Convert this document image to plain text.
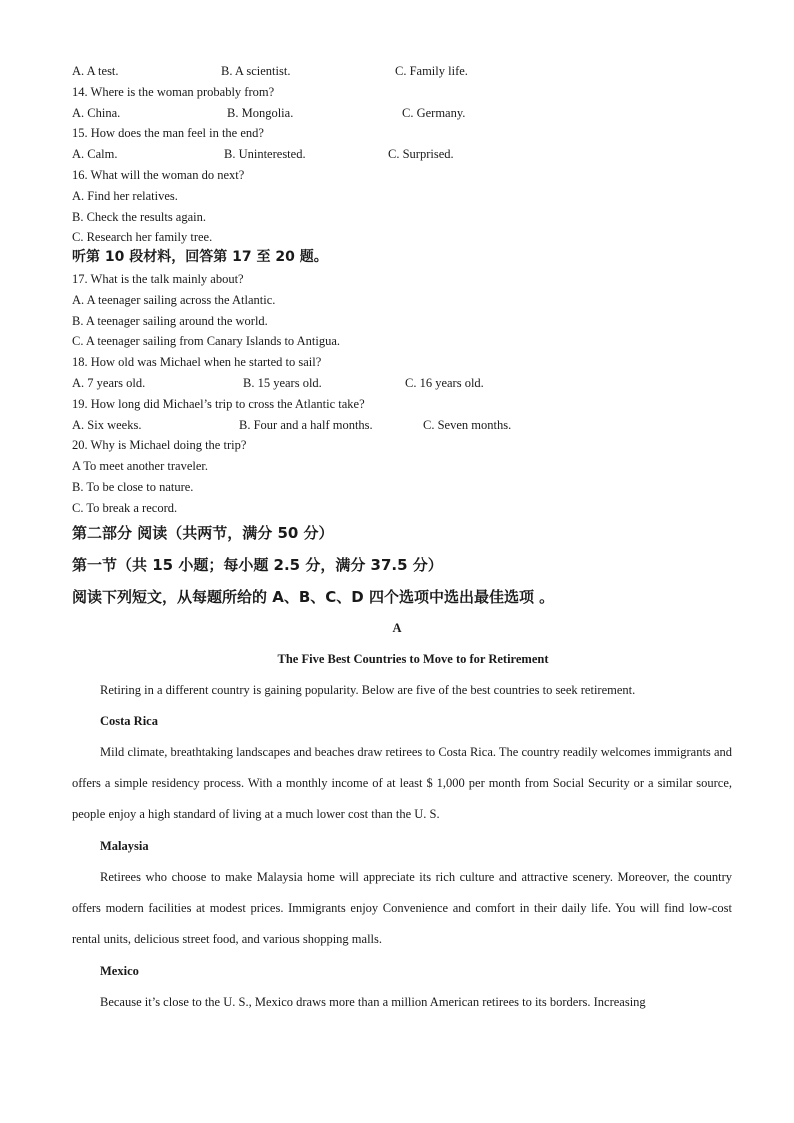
A. A test.	B. A scientist.	C. Family life.
14. Where is the woman probably from?
A. China.	B. Mongolia.	C. Germany.
15. How does the man feel in the end?
A. Calm.	B. Uninterested.	C. Surprised.
16. What will the woman do next?
A. Find her relatives.
B. Check the results again.
C. Research her family tree.
听第 10 段材料，回答第 17 至 20 题。
17. What is the talk mainly about?
A. A teenager sailing across the Atlantic.
B. A teenager sailing around the world.
C. A teenager sailing from Canary Islands to Antigua.
18. How old was Michael when he started to sail?
A. 7 years old.	B. 15 years old.	C. 16 years old.
19. How long did Michael’s trip to cross the Atlantic take?
A. Six weeks.	B. Four and a half months.	C. Seven months.
20. Why is Michael doing the trip?
A To meet another traveler.
B. To be close to nature.
C. To break a record.
第二部分 阅读（共两节，满分 50 分）
第一节（共 15 小题；每小题 2.5 分，满分 37.5 分）
阅读下列短文，从每题所给的 A、B、C、D 四个选项中选出最佳选项 。
A
The Five Best Countries to Move to for Retirement
Retiring in a different country is gaining popularity. Below are five of the best countries to seek retirement.
Costa Rica
Mild climate, breathtaking landscapes and beaches draw retirees to Costa Rica. The country readily welcomes immigrants and offers a simple residency process. With a monthly income of at least $ 1,000 per month from Social Security or a similar source, people enjoy a high standard of living at a much lower cost than the U. S.
Malaysia
Retirees who choose to make Malaysia home will appreciate its rich culture and attractive scenery. Moreover, the country offers modern facilities at modest prices. Immigrants enjoy Convenience and comfort in their daily life. You will find low-cost rental units, delicious street food, and various shopping malls.
Mexico
Because it’s close to the U. S., Mexico draws more than a million American retirees to its borders. Increasing
